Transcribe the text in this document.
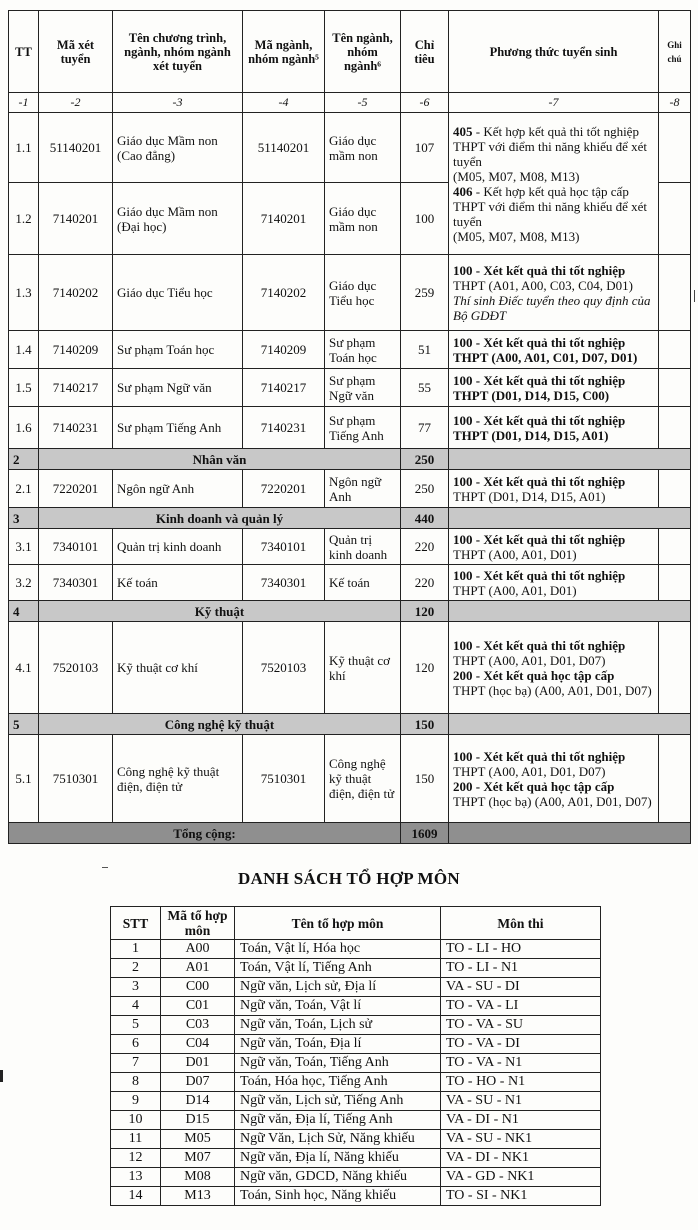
TT	Mã xét tuyển	Tên chương trình, ngành, nhóm ngành xét tuyển	Mã ngành, nhóm ngành⁵	Tên ngành, nhóm ngành⁶	Chỉ tiêu	Phương thức tuyển sinh	Ghi chú
-1	-2	-3	-4	-5	-6	-7	-8
1.1	51140201	Giáo dục Mầm non (Cao đẳng)	51140201	Giáo dục mầm non	107	405 - Kết hợp kết quả thi tốt nghiệp THPT với điểm thi năng khiếu để xét tuyển
(M05, M07, M08, M13)
406 - Kết hợp kết quả học tập cấp THPT với điểm thi năng khiếu để xét tuyển
(M05, M07, M08, M13)	

1.2	7140201	Giáo dục Mầm non (Đại học)	7140201	Giáo dục mầm non	100		
1.3	7140202	Giáo dục Tiểu học	7140202	Giáo dục Tiểu học	259	100 - Xét kết quả thi tốt nghiệp
THPT (A01, A00, C03, C04, D01)
Thí sinh Điếc tuyển theo quy định của Bộ GDĐT	

1.4	7140209	Sư phạm Toán học	7140209	Sư phạm Toán học	51	100 - Xét kết quả thi tốt nghiệp
THPT (A00, A01, C01, D07, D01)	

1.5	7140217	Sư phạm Ngữ văn	7140217	Sư phạm Ngữ văn	55	100 - Xét kết quả thi tốt nghiệp
THPT (D01, D14, D15, C00)	

1.6	7140231	Sư phạm Tiếng Anh	7140231	Sư phạm Tiếng Anh	77	100 - Xét kết quả thi tốt nghiệp
THPT (D01, D14, D15, A01)	

2	Nhân văn				250		
2.1	7220201	Ngôn ngữ Anh	7220201	Ngôn ngữ Anh	250	100 - Xét kết quả thi tốt nghiệp
THPT (D01, D14, D15, A01)	

3	Kinh doanh và quản lý				440		
3.1	7340101	Quản trị kinh doanh	7340101	Quản trị kinh doanh	220	100 - Xét kết quả thi tốt nghiệp
THPT (A00, A01, D01)	

3.2	7340301	Kế toán	7340301	Kế toán	220	100 - Xét kết quả thi tốt nghiệp
THPT (A00, A01, D01)	

4	Kỹ thuật				120		
4.1	7520103	Kỹ thuật cơ khí	7520103	Kỹ thuật cơ khí	120	100 - Xét kết quả thi tốt nghiệp
THPT (A00, A01, D01, D07)
200 - Xét kết quả học tập cấp
THPT (học bạ) (A00, A01, D01, D07)	

5	Công nghệ kỹ thuật				150		
5.1	7510301	Công nghệ kỹ thuật điện, điện tử	7510301	Công nghệ kỹ thuật điện, điện tử	150	100 - Xét kết quả thi tốt nghiệp
THPT (A00, A01, D01, D07)
200 - Xét kết quả học tập cấp
THPT (học bạ) (A00, A01, D01, D07)	

Tổng cộng:					1609		
DANH SÁCH TỔ HỢP MÔN
STT	Mã tổ hợp môn	Tên tổ hợp môn	Môn thi
1	A00	Toán, Vật lí, Hóa học	TO - LI - HO
2	A01	Toán, Vật lí, Tiếng Anh	TO - LI - N1
3	C00	Ngữ văn, Lịch sử, Địa lí	VA - SU - DI
4	C01	Ngữ văn, Toán, Vật lí	TO - VA - LI
5	C03	Ngữ văn, Toán, Lịch sử	TO - VA - SU
6	C04	Ngữ văn, Toán, Địa lí	TO - VA - DI
7	D01	Ngữ văn, Toán, Tiếng Anh	TO - VA - N1
8	D07	Toán, Hóa học, Tiếng Anh	TO - HO - N1
9	D14	Ngữ văn, Lịch sử, Tiếng Anh	VA - SU - N1
10	D15	Ngữ văn, Địa lí, Tiếng Anh	VA - DI - N1
11	M05	Ngữ Văn, Lịch Sử, Năng khiếu	VA - SU - NK1
12	M07	Ngữ văn, Địa lí, Năng khiếu	VA - DI - NK1
13	M08	Ngữ văn, GDCD, Năng khiếu	VA - GD - NK1
14	M13	Toán, Sinh học, Năng khiếu	TO - SI - NK1
